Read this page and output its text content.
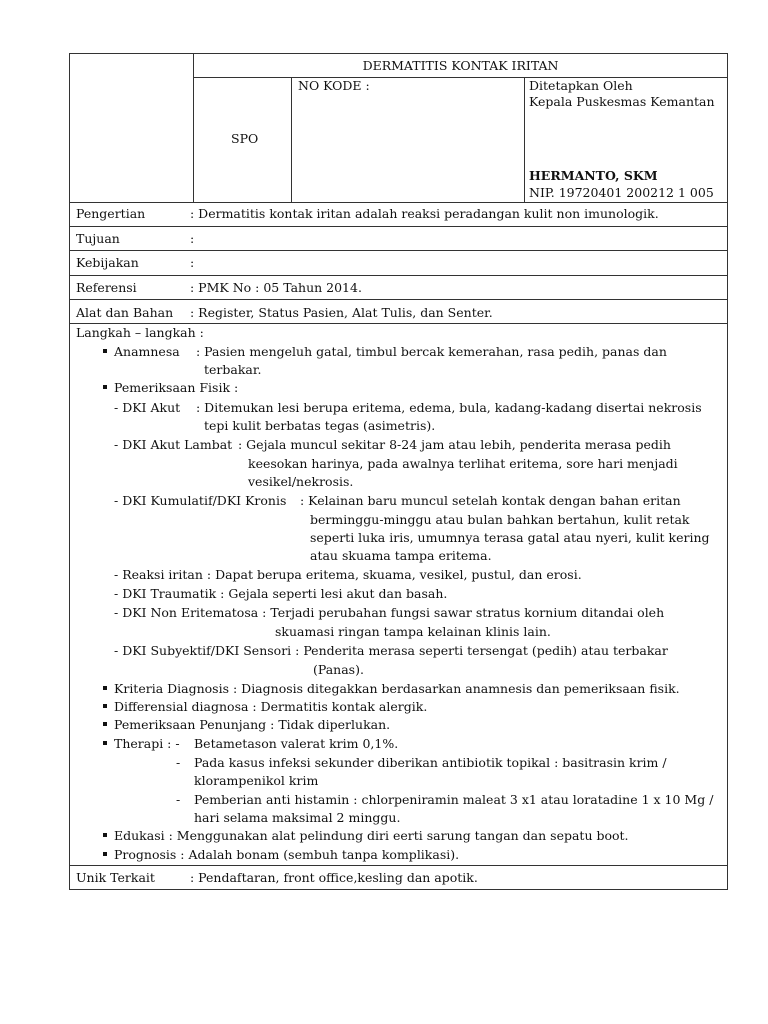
DERMATITIS KONTAK IRITAN
SPO
NO KODE :	Ditetapkan Oleh
Kepala Puskesmas Kemantan
HERMANTO, SKM
NIP. 19720401 200212 1 005
Pengertian	: Dermatitis kontak iritan adalah reaksi peradangan kulit non imunologik.
Tujuan	:
Kebijakan	:
Referensi	: PMK No : 05 Tahun 2014.
Alat dan Bahan : Register, Status Pasien, Alat Tulis, dan Senter.
Langkah – langkah :
Anamnesa : Pasien mengeluh gatal, timbul bercak kemerahan, rasa pedih, panas dan
terbakar.
Pemeriksaan Fisik :
- DKI Akut : Ditemukan lesi berupa eritema, edema, bula, kadang-kadang disertai nekrosis
tepi kulit berbatas tegas (asimetris).
- DKI Akut Lambat : Gejala muncul sekitar 8-24 jam atau lebih, penderita merasa pedih
keesokan harinya, pada awalnya terlihat eritema, sore hari menjadi
vesikel/nekrosis.
- DKI Kumulatif/DKI Kronis : Kelainan baru muncul setelah kontak dengan bahan eritan
berminggu-minggu atau bulan bahkan bertahun, kulit retak
seperti luka iris, umumnya terasa gatal atau nyeri, kulit kering
atau skuama tampa eritema.
- Reaksi iritan : Dapat berupa eritema, skuama, vesikel, pustul, dan erosi.
- DKI Traumatik : Gejala seperti lesi akut dan basah.
- DKI Non Eritematosa : Terjadi perubahan fungsi sawar stratus kornium ditandai oleh
skuamasi ringan tampa kelainan klinis lain.
- DKI Subyektif/DKI Sensori : Penderita merasa seperti tersengat (pedih) atau terbakar
(Panas).
Kriteria Diagnosis : Diagnosis ditegakkan berdasarkan anamnesis dan pemeriksaan fisik.
Differensial diagnosa : Dermatitis kontak alergik.
Pemeriksaan Penunjang : Tidak diperlukan.
Therapi : - Betametason valerat krim 0,1%.
- Pada kasus infeksi sekunder diberikan antibiotik topikal : basitrasin krim /
klorampenikol krim
- Pemberian anti histamin : chlorpeniramin maleat 3 x1 atau loratadine 1 x 10 Mg /
hari selama maksimal 2 minggu.
Edukasi : Menggunakan alat pelindung diri eerti sarung tangan dan sepatu boot.
Prognosis : Adalah bonam (sembuh tanpa komplikasi).
Unik Terkait	: Pendaftaran, front office,kesling dan apotik.
